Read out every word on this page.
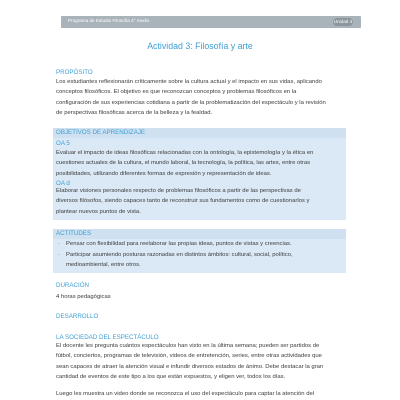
Programa de Estudio Filosofía 4° medio	Unidad 4
Actividad 3: Filosofía y arte
PROPÓSITO

Los estudiantes reflexionarán críticamente sobre la cultura actual y el impacto en sus vidas, aplicando
conceptos filosóficos. El objetivo es que reconozcan conceptos y problemas filosóficos en la
configuración de sus experiencias cotidiana a partir de la problematización del espectáculo y la revisión
de perspectivas filosóficas acerca de la belleza y la fealdad.

OBJETIVOS DE APRENDIZAJE
OA 5

Evaluar el impacto de ideas filosóficas relacionadas con la ontología, la epistemología y la ética en
cuestiones actuales de la cultura, el mundo laboral, la tecnología, la política, las artes, entre otras
posibilidades, utilizando diferentes formas de expresión y representación de ideas.

OA d

Elaborar visiones personales respecto de problemas filosóficos a partir de las perspectivas de
diversos filósofos, siendo capaces tanto de reconstruir sus fundamentos como de cuestionarlos y
plantear nuevos puntos de vista.

ACTITUDES
· Pensar con flexibilidad para reelaborar las propias ideas, puntos de vistas y creencias.
· Participar asumiendo posturas razonadas en distintos ámbitos: cultural, social, político,
medioambiental, entre otros.
DURACIÓN

4 horas pedagógicas

DESARROLLO
LA SOCIEDAD DEL ESPECTÁCULO

El docente les pregunta cuántos espectáculos han visto en la última semana; pueden ser partidos de
fútbol, conciertos, programas de televisión, videos de entretención, series, entre otras actividades que
sean capaces de atraer la atención visual e infundir diversos estados de ánimo. Debe destacar la gran
cantidad de eventos de este tipo a los que están expuestos, y eligen ver, todos los días.

Luego les muestra un video donde se reconozca el uso del espectáculo para captar la atención del
